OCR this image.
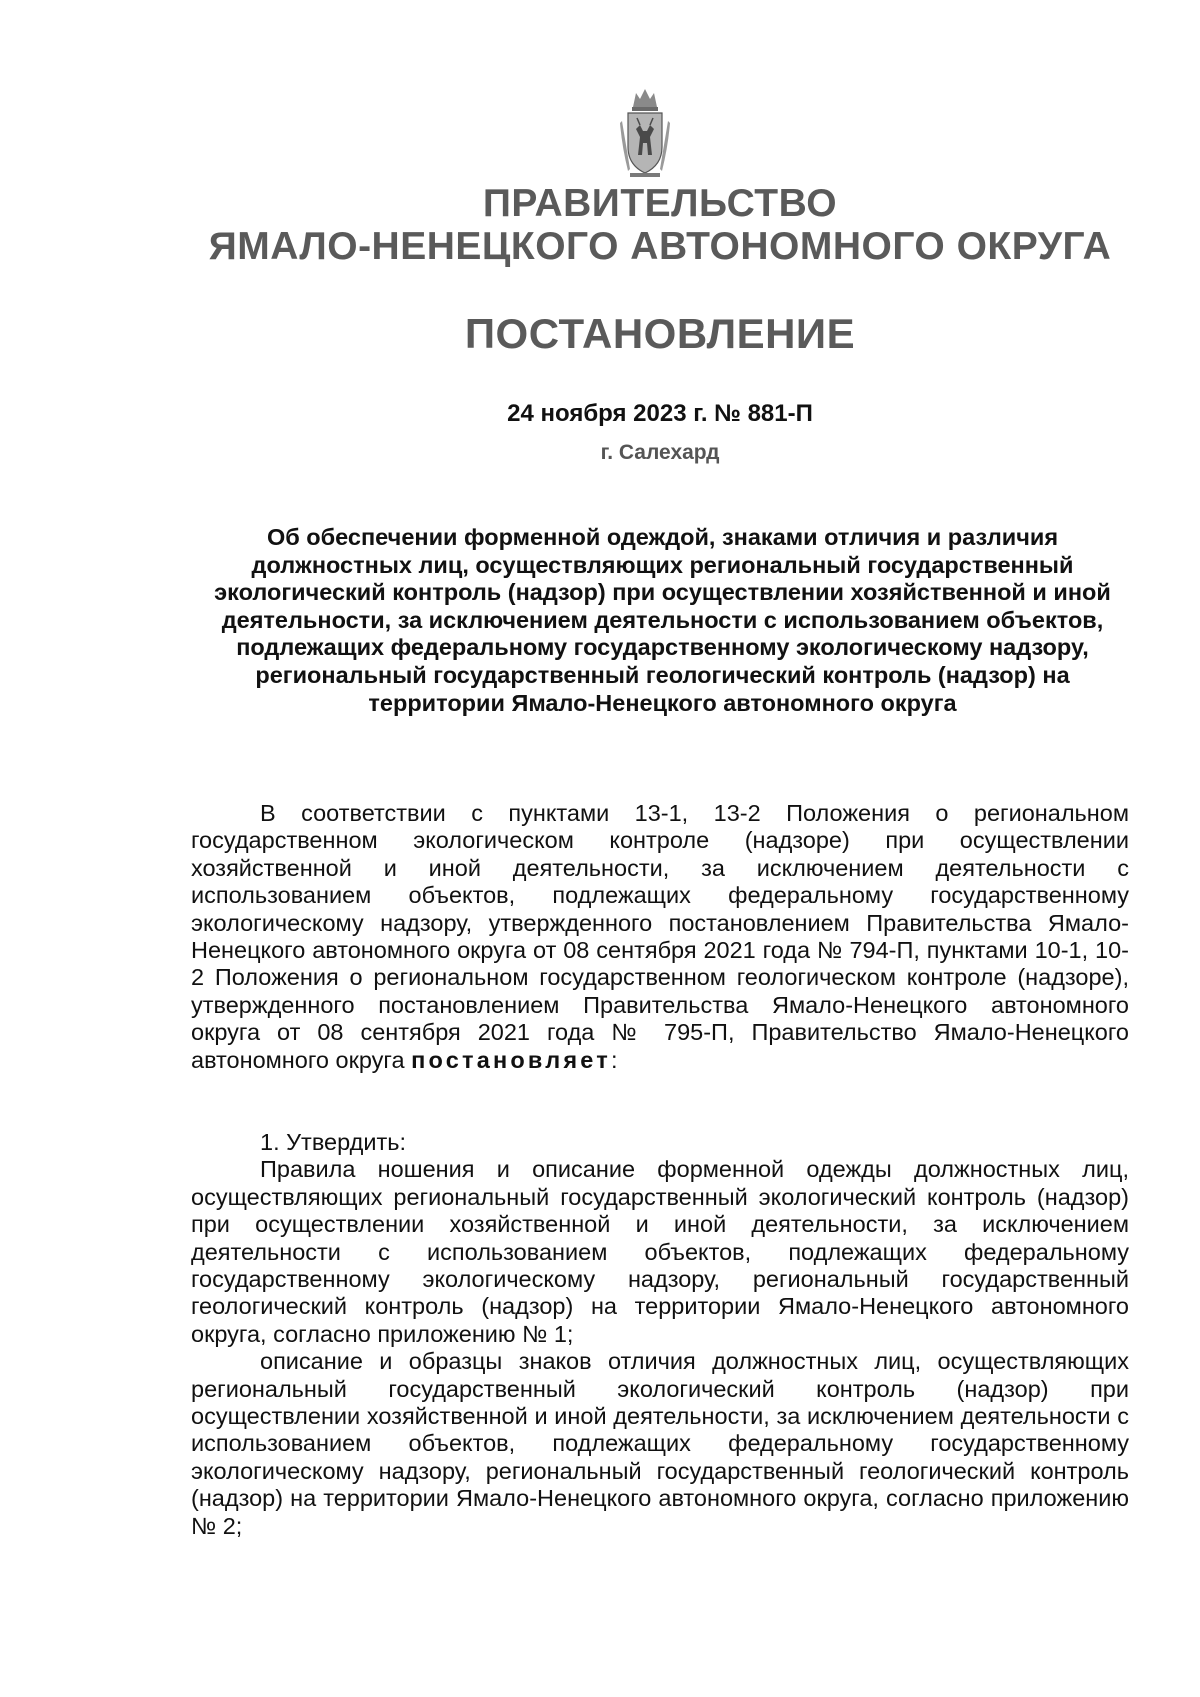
ПРАВИТЕЛЬСТВО
ЯМАЛО-НЕНЕЦКОГО АВТОНОМНОГО ОКРУГА
ПОСТАНОВЛЕНИЕ
24 ноября 2023 г. № 881-П
г. Салехард
Об обеспечении форменной одеждой, знаками отличия и различия должностных лиц, осуществляющих региональный государственный экологический контроль (надзор) при осуществлении хозяйственной и иной деятельности, за исключением деятельности с использованием объектов, подлежащих федеральному государственному экологическому надзору, региональный государственный геологический контроль (надзор) на территории Ямало-Ненецкого автономного округа

В соответствии с пунктами 13-1, 13-2 Положения о региональном государственном экологическом контроле (надзоре) при осуществлении хозяйственной и иной деятельности, за исключением деятельности с использованием объектов, подлежащих федеральному государственному экологическому надзору, утвержденного постановлением Правительства Ямало-Ненецкого автономного округа от 08 сентября 2021 года № 794-П, пунктами 10-1, 10-2 Положения о региональном государственном геологическом контроле (надзоре), утвержденного постановлением Правительства Ямало-Ненецкого автономного округа от 08 сентября 2021 года № 795-П, Правительство Ямало-Ненецкого автономного округа постановляет:

1. Утвердить:

Правила ношения и описание форменной одежды должностных лиц, осуществляющих региональный государственный экологический контроль (надзор) при осуществлении хозяйственной и иной деятельности, за исключением деятельности с использованием объектов, подлежащих федеральному государственному экологическому надзору, региональный государственный геологический контроль (надзор) на территории Ямало-Ненецкого автономного округа, согласно приложению № 1;

описание и образцы знаков отличия должностных лиц, осуществляющих региональный государственный экологический контроль (надзор) при осуществлении хозяйственной и иной деятельности, за исключением деятельности с использованием объектов, подлежащих федеральному государственному экологическому надзору, региональный государственный геологический контроль (надзор) на территории Ямало-Ненецкого автономного округа, согласно приложению № 2;
